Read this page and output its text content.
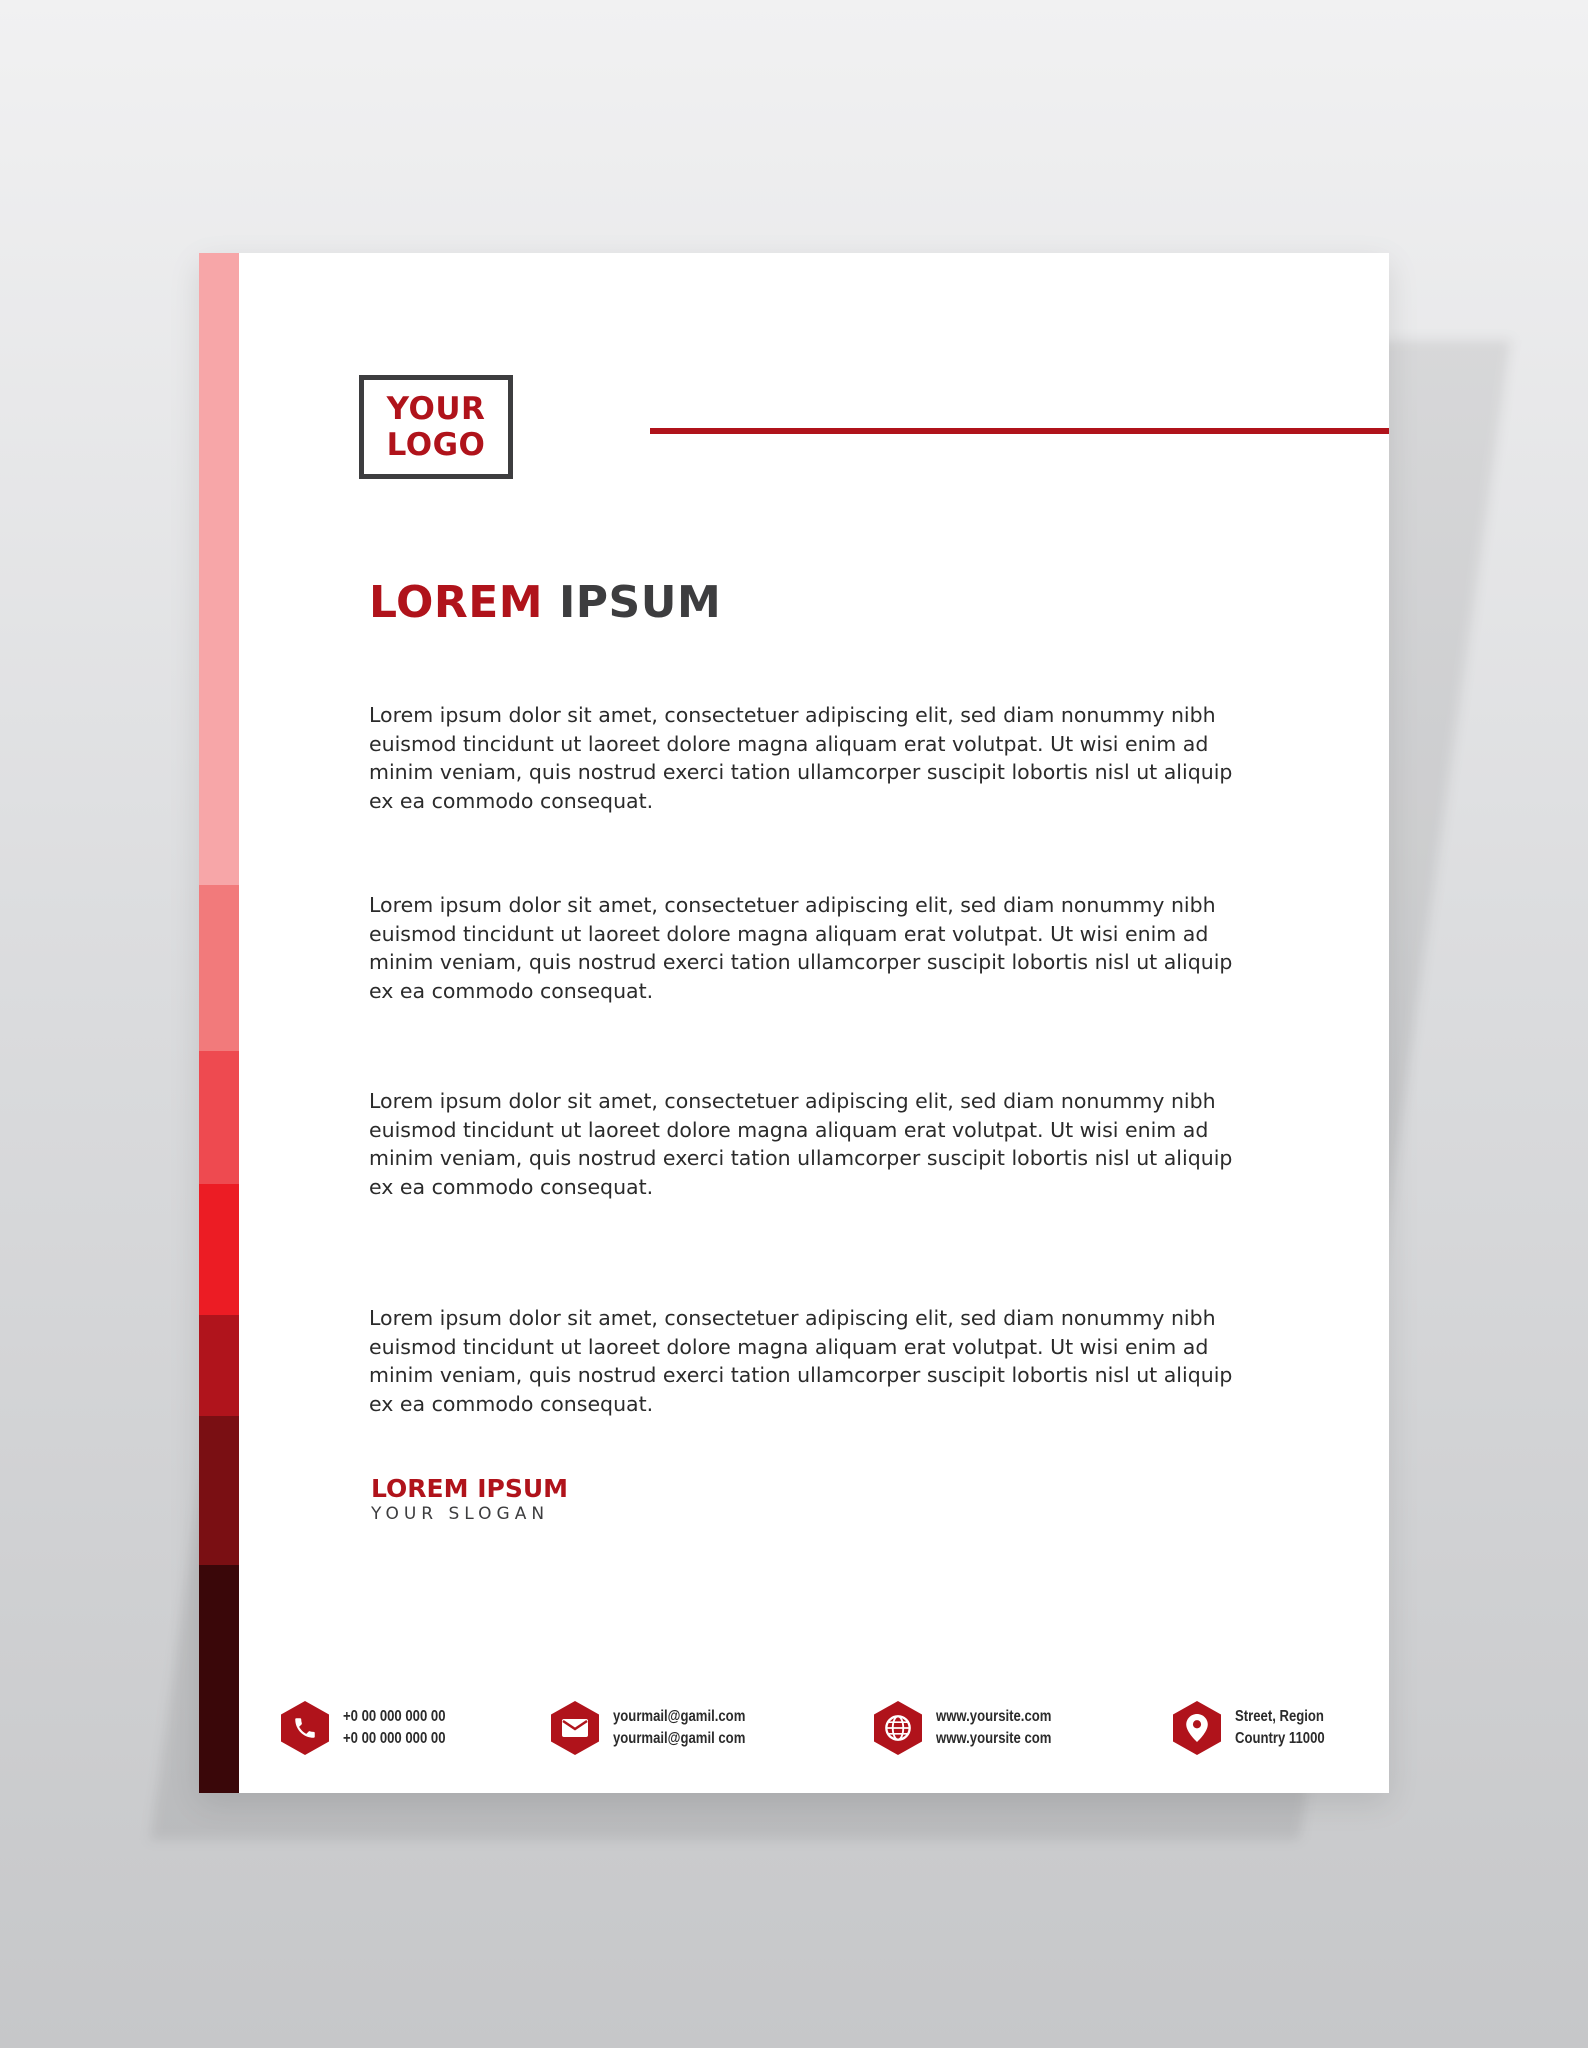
YOUR
LOGO
LOREM IPSUM

Lorem ipsum dolor sit amet, consectetuer adipiscing elit, sed diam nonummy nibh euismod tincidunt ut laoreet dolore magna aliquam erat volutpat. Ut wisi enim ad minim veniam, quis nostrud exerci tation ullamcorper suscipit lobortis nisl ut aliquip ex ea commodo consequat.

Lorem ipsum dolor sit amet, consectetuer adipiscing elit, sed diam nonummy nibh euismod tincidunt ut laoreet dolore magna aliquam erat volutpat. Ut wisi enim ad minim veniam, quis nostrud exerci tation ullamcorper suscipit lobortis nisl ut aliquip ex ea commodo consequat.

Lorem ipsum dolor sit amet, consectetuer adipiscing elit, sed diam nonummy nibh euismod tincidunt ut laoreet dolore magna aliquam erat volutpat. Ut wisi enim ad minim veniam, quis nostrud exerci tation ullamcorper suscipit lobortis nisl ut aliquip ex ea commodo consequat.

Lorem ipsum dolor sit amet, consectetuer adipiscing elit, sed diam nonummy nibh euismod tincidunt ut laoreet dolore magna aliquam erat volutpat. Ut wisi enim ad minim veniam, quis nostrud exerci tation ullamcorper suscipit lobortis nisl ut aliquip ex ea commodo consequat.

LOREM IPSUM
YOUR SLOGAN
+0 00 000 000 00
+0 00 000 000 00
yourmail@gamil.com
yourmail@gamil com
www.yoursite.com
www.yoursite com
Street, Region
Country 11000
